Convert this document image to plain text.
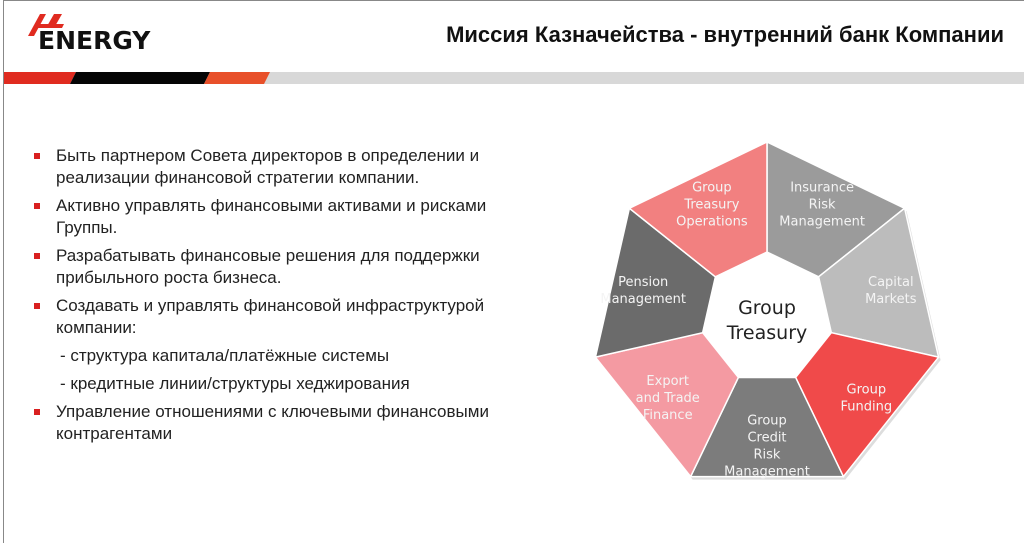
ENERGY	Миссия Казначейства - внутренний банк Компании
Быть партнером Совета директоров в определении и реализации финансовой стратегии компании.
Активно управлять финансовыми активами и рисками Группы.
Разрабатывать финансовые решения для поддержки прибыльного роста бизнеса.
Создавать и управлять финансовой инфраструктурой компании:
- структура капитала/платёжные системы
- кредитные линии/структуры хеджирования
Управление отношениями с ключевыми финансовыми контрагентами
Insurance
Risk
Management
Capital
Markets
Group
Funding
Group
Credit
Risk
Management
Export
and Trade
Finance
Pension
Management
Group
Treasury
Operations
Group
Treasury
